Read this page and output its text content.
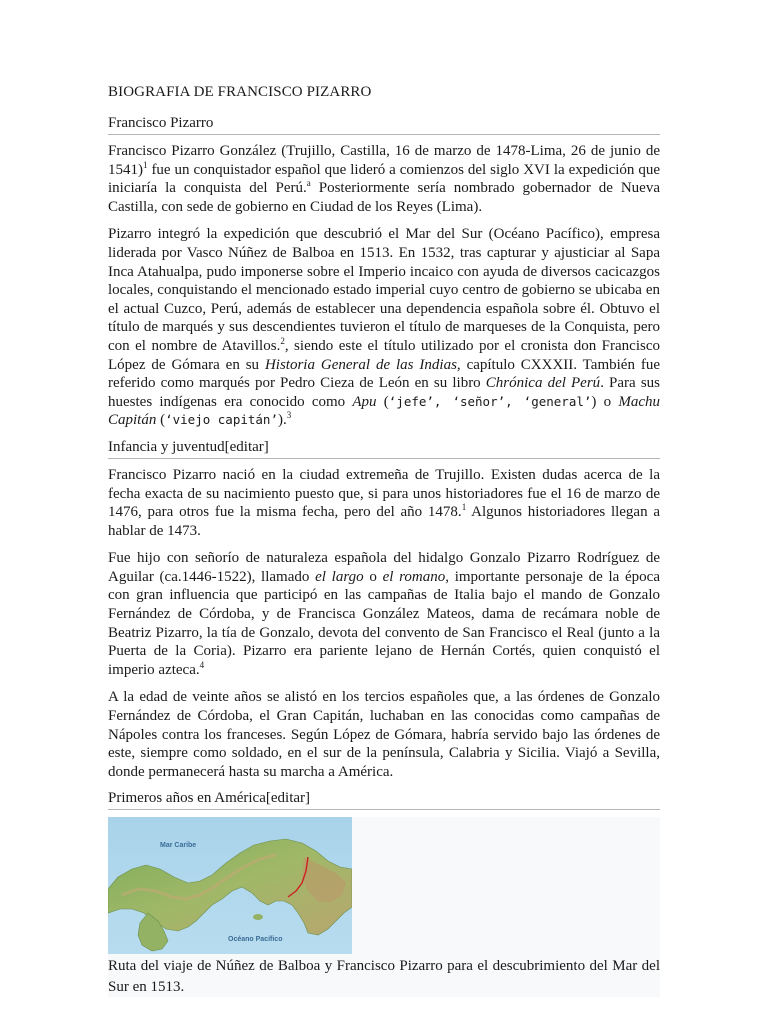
BIOGRAFIA DE FRANCISCO PIZARRO
Francisco Pizarro

Francisco Pizarro González (Trujillo, Castilla, 16 de marzo de 1478-Lima, 26 de junio de 1541)$^1$ fue un conquistador español que lideró a comienzos del siglo XVI la expedición que iniciaría la conquista del Perú.$^a$ Posteriormente sería nombrado gobernador de Nueva Castilla, con sede de gobierno en Ciudad de los Reyes (Lima).

Pizarro integró la expedición que descubrió el Mar del Sur (Océano Pacífico), empresa liderada por Vasco Núñez de Balboa en 1513. En 1532, tras capturar y ajusticiar al Sapa Inca Atahualpa, pudo imponerse sobre el Imperio incaico con ayuda de diversos cacicazgos locales, conquistando el mencionado estado imperial cuyo centro de gobierno se ubicaba en el actual Cuzco, Perú, además de establecer una dependencia española sobre él. Obtuvo el título de marqués y sus descendientes tuvieron el título de marqueses de la Conquista, pero con el nombre de Atavillos.$^2$, siendo este el título utilizado por el cronista don Francisco López de Gómara en su Historia General de las Indias, capítulo CXXXII. También fue referido como marqués por Pedro Cieza de León en su libro Chrónica del Perú. Para sus huestes indígenas era conocido como Apu (‘jefe’, ‘señor’, ‘general’) o Machu Capitán (‘viejo capitán’).$^3$

Infancia y juventud[editar]

Francisco Pizarro nació en la ciudad extremeña de Trujillo. Existen dudas acerca de la fecha exacta de su nacimiento puesto que, si para unos historiadores fue el 16 de marzo de 1476, para otros fue la misma fecha, pero del año 1478.$^1$ Algunos historiadores llegan a hablar de 1473.

Fue hijo con señorío de naturaleza española del hidalgo Gonzalo Pizarro Rodríguez de Aguilar (ca.1446-1522), llamado el largo o el romano, importante personaje de la época con gran influencia que participó en las campañas de Italia bajo el mando de Gonzalo Fernández de Córdoba, y de Francisca González Mateos, dama de recámara noble de Beatriz Pizarro, la tía de Gonzalo, devota del convento de San Francisco el Real (junto a la Puerta de la Coria). Pizarro era pariente lejano de Hernán Cortés, quien conquistó el imperio azteca.$^4$

A la edad de veinte años se alistó en los tercios españoles que, a las órdenes de Gonzalo Fernández de Córdoba, el Gran Capitán, luchaban en las conocidas como campañas de Nápoles contra los franceses. Según López de Gómara, habría servido bajo las órdenes de este, siempre como soldado, en el sur de la península, Calabria y Sicilia. Viajó a Sevilla, donde permanecerá hasta su marcha a América.

Primeros años en América[editar]
Mar Caribe
Océano Pacífico

Ruta del viaje de Núñez de Balboa y Francisco Pizarro para el descubrimiento del Mar del Sur en 1513.
